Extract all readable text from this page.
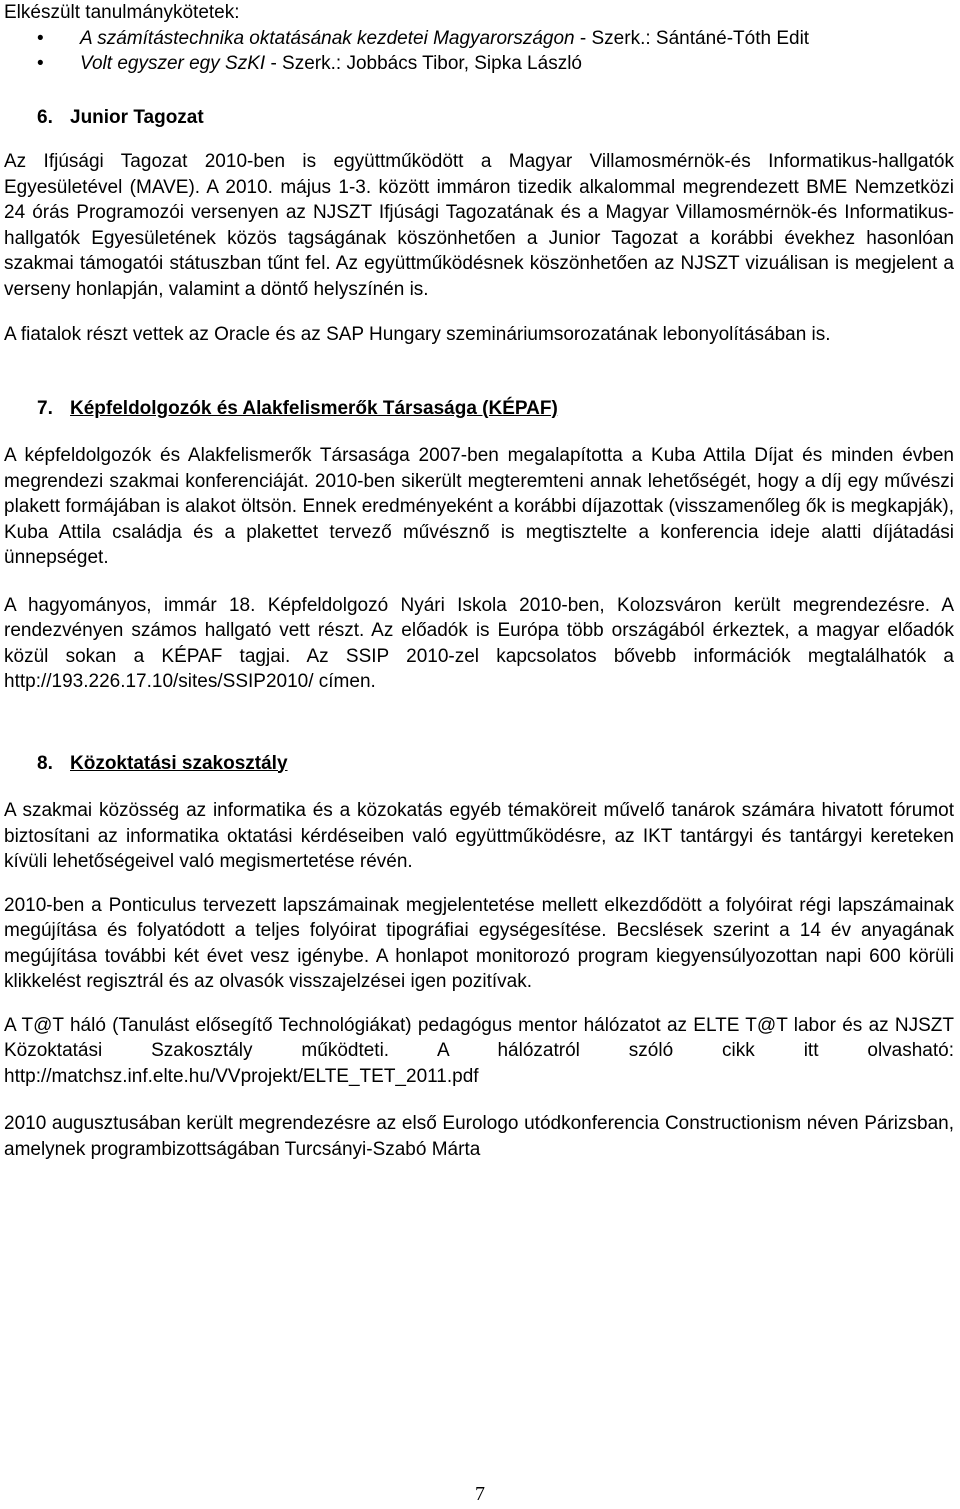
Elkészült tanulmánykötetek:

• A számítástechnika oktatásának kezdetei Magyarországon - Szerk.: Sántáné-Tóth Edit
• Volt egyszer egy SzKI - Szerk.: Jobbács Tibor, Sipka László
6. Junior Tagozat

Az Ifjúsági Tagozat 2010-ben is együttműködött a Magyar Villamosmérnök-és Informatikus-hallgatók Egyesületével (MAVE). A 2010. május 1-3. között immáron tizedik alkalommal megrendezett BME Nemzetközi 24 órás Programozói versenyen az NJSZT Ifjúsági Tagozatának és a Magyar Villamosmérnök-és Informatikus-hallgatók Egyesületének közös tagságának köszönhetően a Junior Tagozat a korábbi évekhez hasonlóan szakmai támogatói státuszban tűnt fel. Az együttműködésnek köszönhetően az NJSZT vizuálisan is megjelent a verseny honlapján, valamint a döntő helyszínén is.

A fiatalok részt vettek az Oracle és az SAP Hungary szemináriumsorozatának lebonyolításában is.

7. Képfeldolgozók és Alakfelismerők Társasága (KÉPAF)

A képfeldolgozók és Alakfelismerők Társasága 2007-ben megalapította a Kuba Attila Díjat és minden évben megrendezi szakmai konferenciáját. 2010-ben sikerült megteremteni annak lehetőségét, hogy a díj egy művészi plakett formájában is alakot öltsön. Ennek eredményeként a korábbi díjazottak (visszamenőleg ők is megkapják), Kuba Attila családja és a plakettet tervező művésznő is megtisztelte a konferencia ideje alatti díjátadási ünnepséget.

A hagyományos, immár 18. Képfeldolgozó Nyári Iskola 2010-ben, Kolozsváron került megrendezésre. A rendezvényen számos hallgató vett részt. Az előadók is Európa több országából érkeztek, a magyar előadók közül sokan a KÉPAF tagjai. Az SSIP 2010-zel kapcsolatos bővebb információk megtalálhatók a http://193.226.17.10/sites/SSIP2010/ címen.

8. Közoktatási szakosztály

A szakmai közösség az informatika és a közokatás egyéb témaköreit művelő tanárok számára hivatott fórumot biztosítani az informatika oktatási kérdéseiben való együttműködésre, az IKT tantárgyi és tantárgyi kereteken kívüli lehetőségeivel való megismertetése révén.

2010-ben a Ponticulus tervezett lapszámainak megjelentetése mellett elkezdődött a folyóirat régi lapszámainak megújítása és folyatódott a teljes folyóirat tipográfiai egységesítése. Becslések szerint a 14 év anyagának megújítása további két évet vesz igénybe. A honlapot monitorozó program kiegyensúlyozottan napi 600 körüli klikkelést regisztrál és az olvasók visszajelzései igen pozitívak.

A T@T háló (Tanulást elősegítő Technológiákat) pedagógus mentor hálózatot az ELTE T@T labor és az NJSZT Közoktatási Szakosztály működteti. A hálózatról szóló cikk itt olvasható: http://matchsz.inf.elte.hu/VVprojekt/ELTE_TET_2011.pdf

2010 augusztusában került megrendezésre az első Eurologo utódkonferencia Constructionism néven Párizsban, amelynek programbizottságában Turcsányi-Szabó Márta

7
